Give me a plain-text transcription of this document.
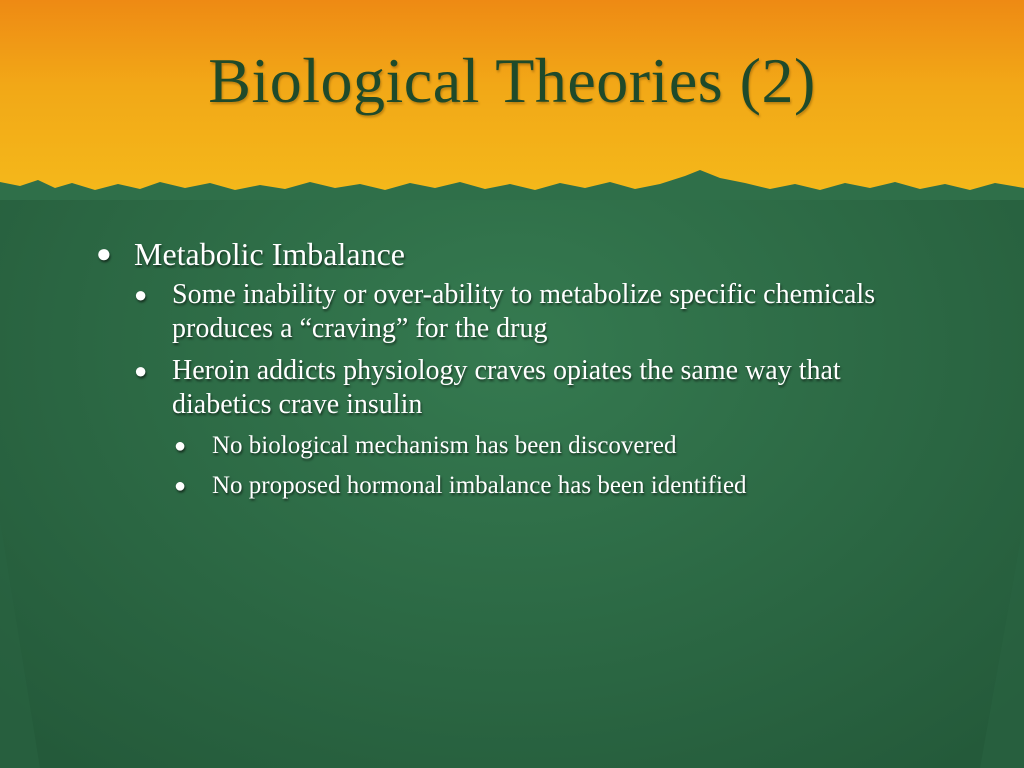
Biological Theories (2)
● Metabolic Imbalance
● Some inability or over-ability to metabolize specific chemicals produces a “craving” for the drug
● Heroin addicts physiology craves opiates the same way that diabetics crave insulin
● No biological mechanism has been discovered
● No proposed hormonal imbalance has been identified
